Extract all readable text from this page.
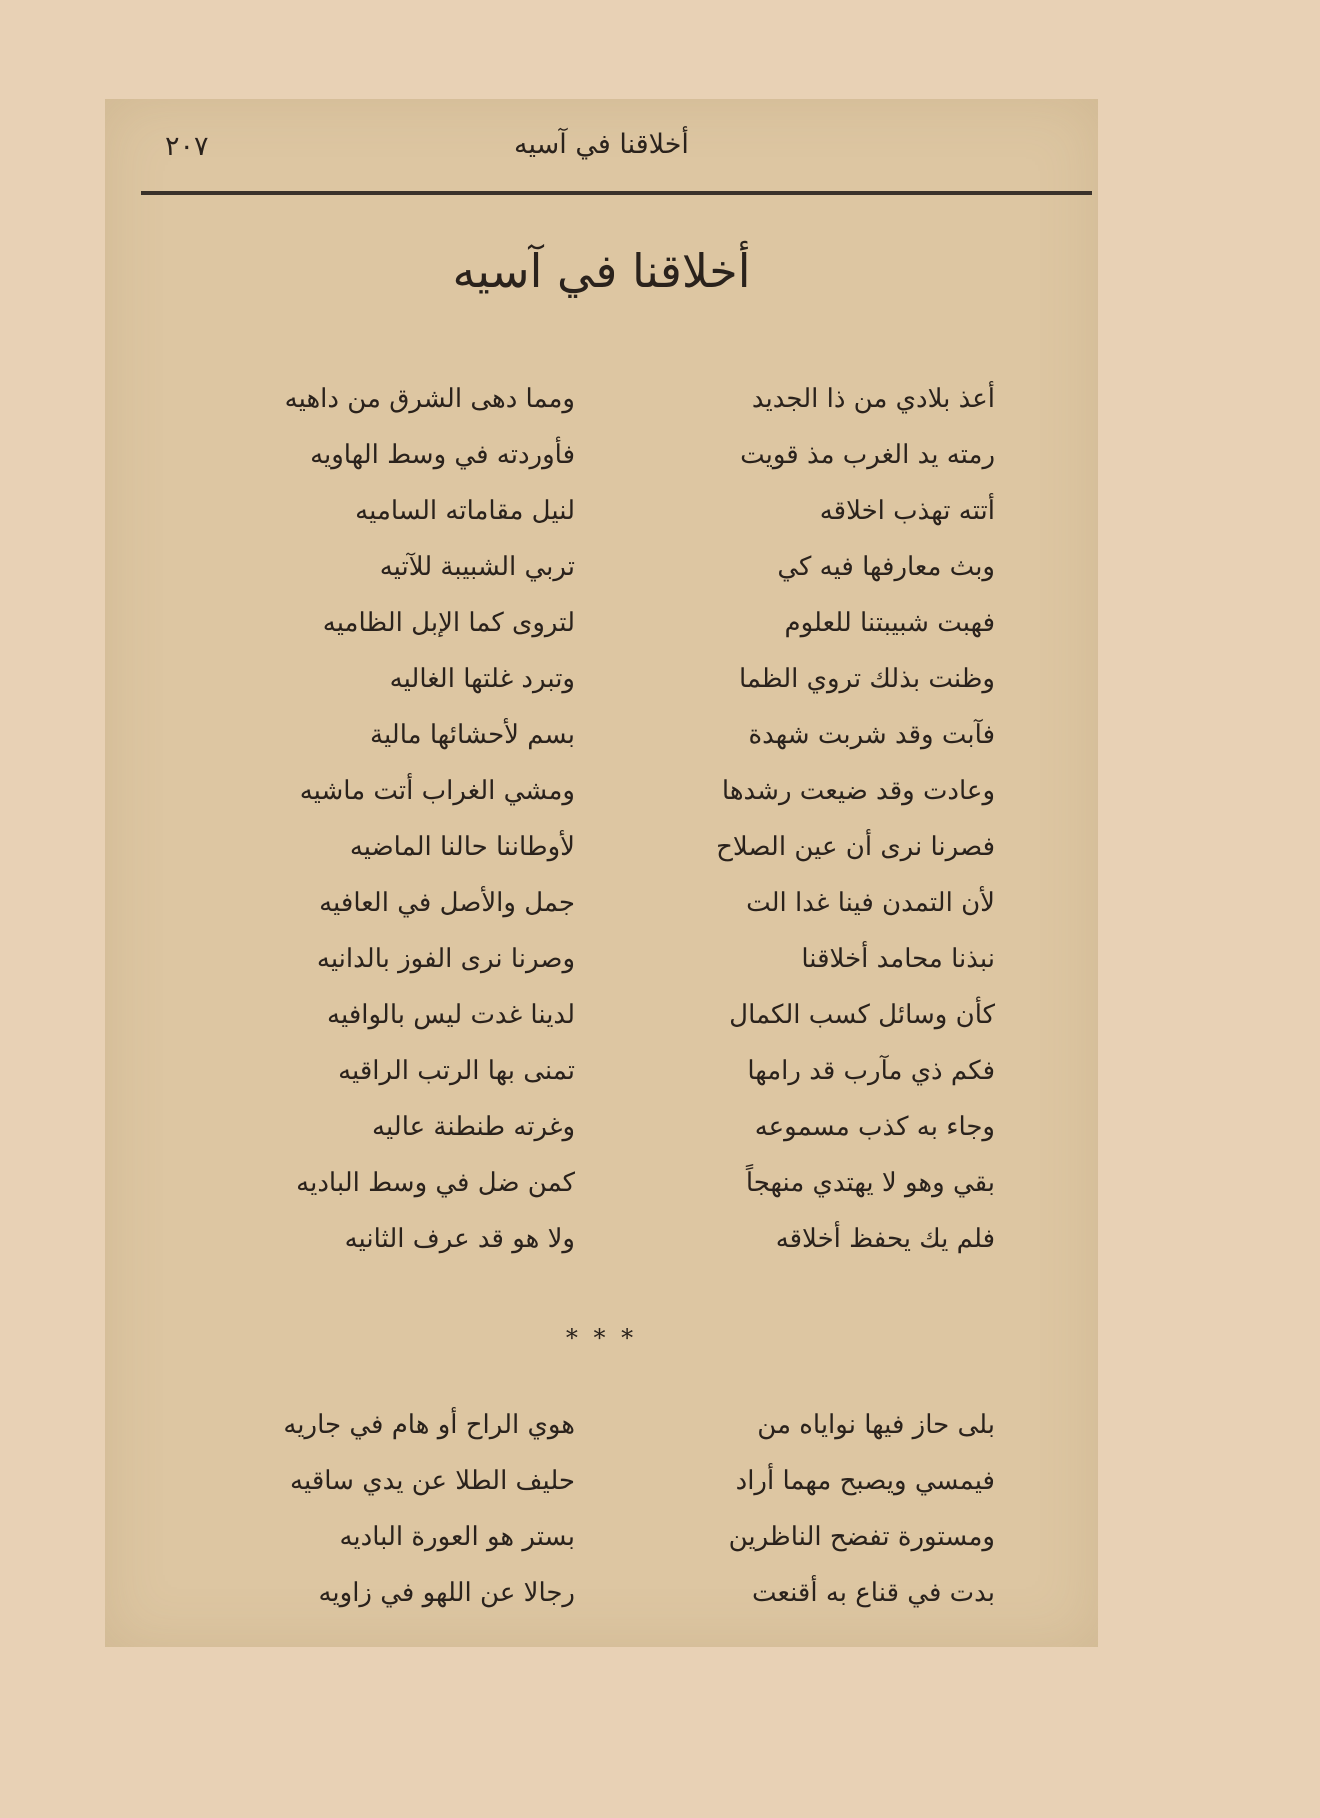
أخلاقنا في آسيه
٢٠٧
أخلاقنا في آسيه
أعذ بلادي من ذا الجديد
ومما دهى الشرق من داهيه
رمته يد الغرب مذ قويت
فأوردته في وسط الهاويه
أتته تهذب اخلاقه
لنيل مقاماته الساميه
وبث معارفها فيه كي
تربي الشبيبة للآتيه
فهبت شبيبتنا للعلوم
لتروى كما الإبل الظاميه
وظنت بذلك تروي الظما
وتبرد غلتها الغاليه
فآبت وقد شربت شهدة
بسم لأحشائها مالية
وعادت وقد ضيعت رشدها
ومشي الغراب أتت ماشيه
فصرنا نرى أن عين الصلاح
لأوطاننا حالنا الماضيه
لأن التمدن فينا غدا الت
جمل والأصل في العافيه
نبذنا محامد أخلاقنا
وصرنا نرى الفوز بالدانيه
كأن وسائل كسب الكمال
لدينا غدت ليس بالوافيه
فكم ذي مآرب قد رامها
تمنى بها الرتب الراقيه
وجاء به كذب مسموعه
وغرته طنطنة عاليه
بقي وهو لا يهتدي منهجاً
كمن ضل في وسط الباديه
فلم يك يحفظ أخلاقه
ولا هو قد عرف الثانيه
* * *
بلى حاز فيها نواياه من
هوي الراح أو هام في جاريه
فيمسي ويصبح مهما أراد
حليف الطلا عن يدي ساقيه
ومستورة تفضح الناظرين
بستر هو العورة الباديه
بدت في قناع به أقنعت
رجالا عن اللهو في زاويه
